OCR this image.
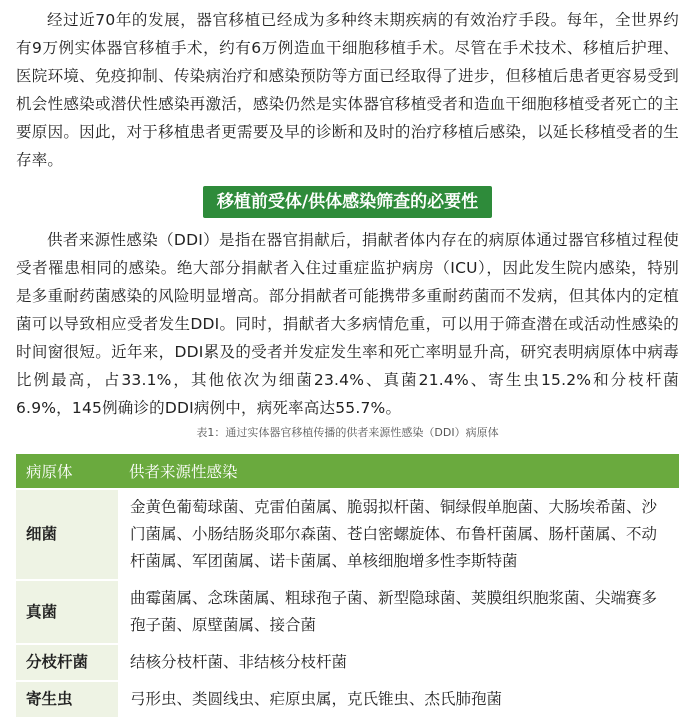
经过近70年的发展，器官移植已经成为多种终末期疾病的有效治疗手段。每年，全世界约有9万例实体器官移植手术，约有6万例造血干细胞移植手术。尽管在手术技术、移植后护理、医院环境、免疫抑制、传染病治疗和感染预防等方面已经取得了进步，但移植后患者更容易受到机会性感染或潜伏性感染再激活，感染仍然是实体器官移植受者和造血干细胞移植受者死亡的主要原因。因此，对于移植患者更需要及早的诊断和及时的治疗移植后感染，以延长移植受者的生存率。

移植前受体/供体感染筛查的必要性

供者来源性感染（DDI）是指在器官捐献后，捐献者体内存在的病原体通过器官移植过程使受者罹患相同的感染。绝大部分捐献者入住过重症监护病房（ICU），因此发生院内感染，特别是多重耐药菌感染的风险明显增高。部分捐献者可能携带多重耐药菌而不发病，但其体内的定植菌可以导致相应受者发生DDI。同时，捐献者大多病情危重，可以用于筛查潜在或活动性感染的时间窗很短。近年来，DDI累及的受者并发症发生率和死亡率明显升高，研究表明病原体中病毒比例最高，占33.1%，其他依次为细菌23.4%、真菌21.4%、寄生虫15.2%和分枝杆菌6.9%，145例确诊的DDI病例中，病死率高达55.7%。

表1：通过实体器官移植传播的供者来源性感染（DDI）病原体
病原体	供者来源性感染
细菌	金黄色葡萄球菌、克雷伯菌属、脆弱拟杆菌、铜绿假单胞菌、大肠埃希菌、沙门菌属、小肠结肠炎耶尔森菌、苍白密螺旋体、布鲁杆菌属、肠杆菌属、不动杆菌属、军团菌属、诺卡菌属、单核细胞增多性李斯特菌
真菌	曲霉菌属、念珠菌属、粗球孢子菌、新型隐球菌、荚膜组织胞浆菌、尖端赛多孢子菌、原壁菌属、接合菌
分枝杆菌	结核分枝杆菌、非结核分枝杆菌
寄生虫	弓形虫、类圆线虫、疟原虫属，克氏锥虫、杰氏肺孢菌
